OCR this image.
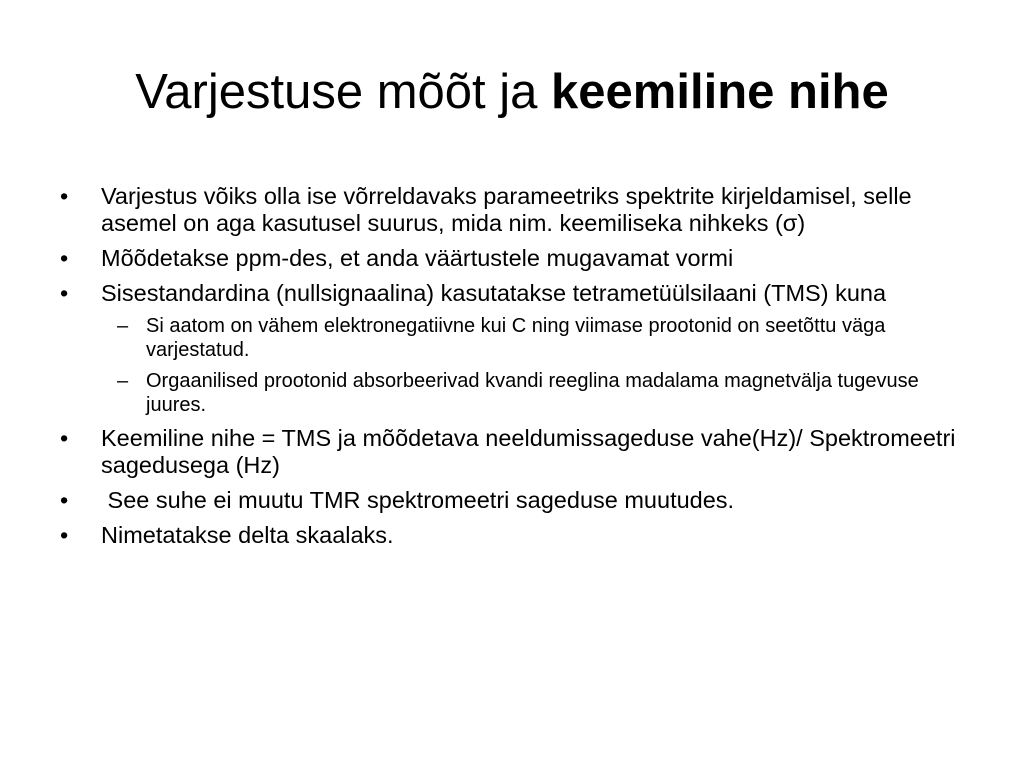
Varjestuse mõõt ja keemiline nihe
• Varjestus võiks olla ise võrreldavaks parameetriks spektrite kirjeldamisel, selle asemel on aga kasutusel suurus, mida nim. keemiliseka nihkeks (σ)
• Mõõdetakse ppm-des, et anda väärtustele mugavamat vormi
• Sisestandardina (nullsignaalina) kasutatakse tetrametüülsilaani (TMS) kuna
– Si aatom on vähem elektronegatiivne kui C ning viimase prootonid on seetõttu väga varjestatud.
– Orgaanilised prootonid absorbeerivad kvandi reeglina madalama magnetvälja tugevuse juures.
• Keemiline nihe = TMS ja mõõdetava neeldumissageduse vahe(Hz)/ Spektromeetri sagedusega (Hz)
• See suhe ei muutu TMR spektromeetri sageduse muutudes.
• Nimetatakse delta skaalaks.
